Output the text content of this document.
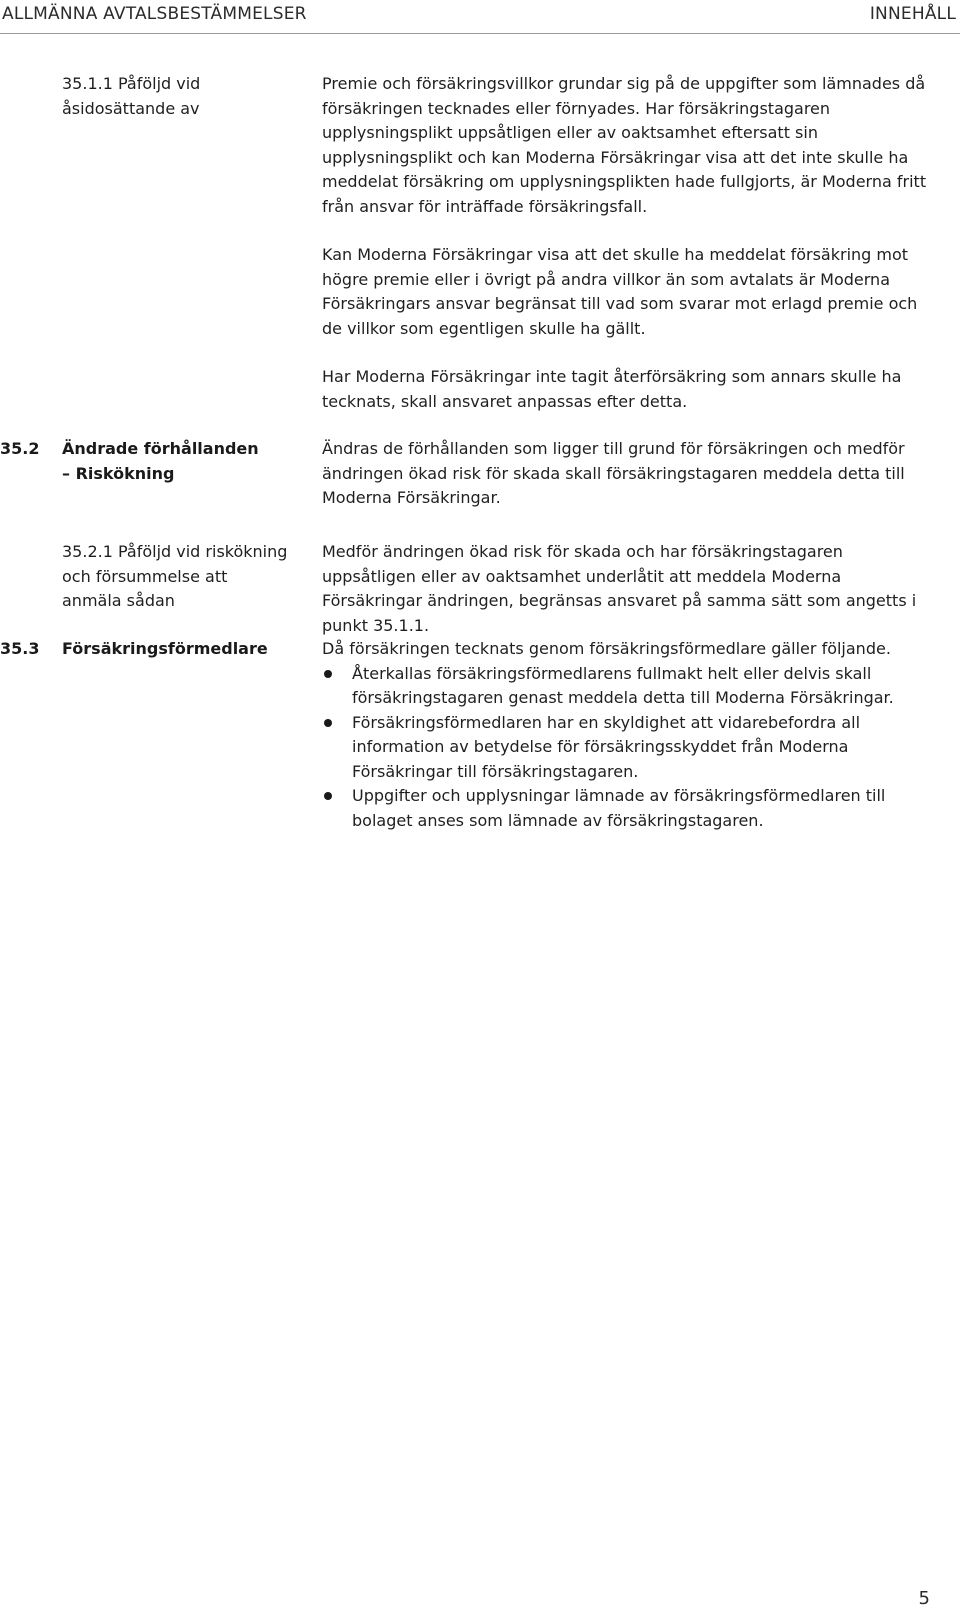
ALLMÄNNA AVTALSBESTÄMMELSER	INNEHÅLL
35.1.1 Påföljd vid åsidosättande av

Premie och försäkringsvillkor grundar sig på de uppgifter som lämnades då försäkringen tecknades eller förnyades. Har försäkringstagaren upplysningsplikt uppsåtligen eller av oaktsamhet eftersatt sin upplysningsplikt och kan Moderna Försäkringar visa att det inte skulle ha meddelat försäkring om upplysningsplikten hade fullgjorts, är Moderna fritt från ansvar för inträffade försäkringsfall.

Kan Moderna Försäkringar visa att det skulle ha meddelat försäkring mot högre premie eller i övrigt på andra villkor än som avtalats är Moderna Försäkringars ansvar begränsat till vad som svarar mot erlagd premie och de villkor som egentligen skulle ha gällt.

Har Moderna Försäkringar inte tagit återförsäkring som annars skulle ha tecknats, skall ansvaret anpassas efter detta.

35.2 Ändrade förhållanden
– Riskökning
Ändras de förhållanden som ligger till grund för försäkringen och medför ändringen ökad risk för skada skall försäkringstagaren meddela detta till Moderna Försäkringar.
35.2.1 Påföljd vid riskökning och försummelse att anmäla sådan
Medför ändringen ökad risk för skada och har försäkringstagaren uppsåtligen eller av oaktsamhet underlåtit att meddela Moderna Försäkringar ändringen, begränsas ansvaret på samma sätt som angetts i punkt 35.1.1.
35.3 Försäkringsförmedlare	Då försäkringen tecknats genom försäkringsförmedlare gäller följande.

Återkallas försäkringsförmedlarens fullmakt helt eller delvis skall försäkringstagaren genast meddela detta till Moderna Försäkringar.
Försäkringsförmedlaren har en skyldighet att vidarebefordra all information av betydelse för försäkringsskyddet från Moderna Försäkringar till försäkringstagaren.
Uppgifter och upplysningar lämnade av försäkringsförmedlaren till bolaget anses som lämnade av försäkringstagaren.
5
